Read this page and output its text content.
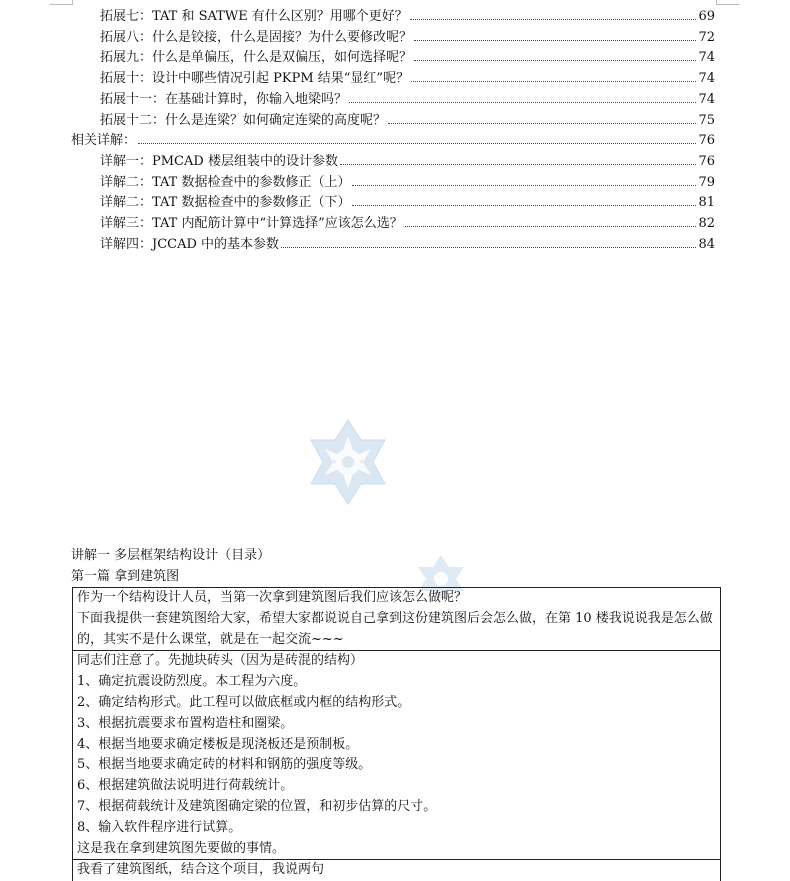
拓展七：TAT 和 SATWE 有什么区别？用哪个更好？	69
拓展八：什么是铰接，什么是固接？为什么要修改呢？	72
拓展九：什么是单偏压，什么是双偏压，如何选择呢？	74
拓展十：设计中哪些情况引起 PKPM 结果“显红”呢？	74
拓展十一：在基础计算时，你输入地梁吗？	74
拓展十二：什么是连梁？如何确定连梁的高度呢？	75
相关详解：	76
详解一：PMCAD 楼层组装中的设计参数	76
详解二：TAT 数据检查中的参数修正（上）	79
详解二：TAT 数据检查中的参数修正（下）	81
详解三：TAT 内配筋计算中“计算选择”应该怎么选？	82
详解四：JCCAD 中的基本参数	84
讲解一 多层框架结构设计（目录）
第一篇 拿到建筑图
作为一个结构设计人员，当第一次拿到建筑图后我们应该怎么做呢？
下面我提供一套建筑图给大家，希望大家都说说自己拿到这份建筑图后会怎么做，在第 10 楼我说说我是怎么做的，其实不是什么课堂，就是在一起交流~~~
同志们注意了。先抛块砖头（因为是砖混的结构）
1、确定抗震设防烈度。本工程为六度。
2、确定结构形式。此工程可以做底框或内框的结构形式。
3、根据抗震要求布置构造柱和圈梁。
4、根据当地要求确定楼板是现浇板还是预制板。
5、根据当地要求确定砖的材料和钢筋的强度等级。
6、根据建筑做法说明进行荷载统计。
7、根据荷载统计及建筑图确定梁的位置，和初步估算的尺寸。
8、输入软件程序进行试算。
这是我在拿到建筑图先要做的事情。
我看了建筑图纸，结合这个项目，我说两句
